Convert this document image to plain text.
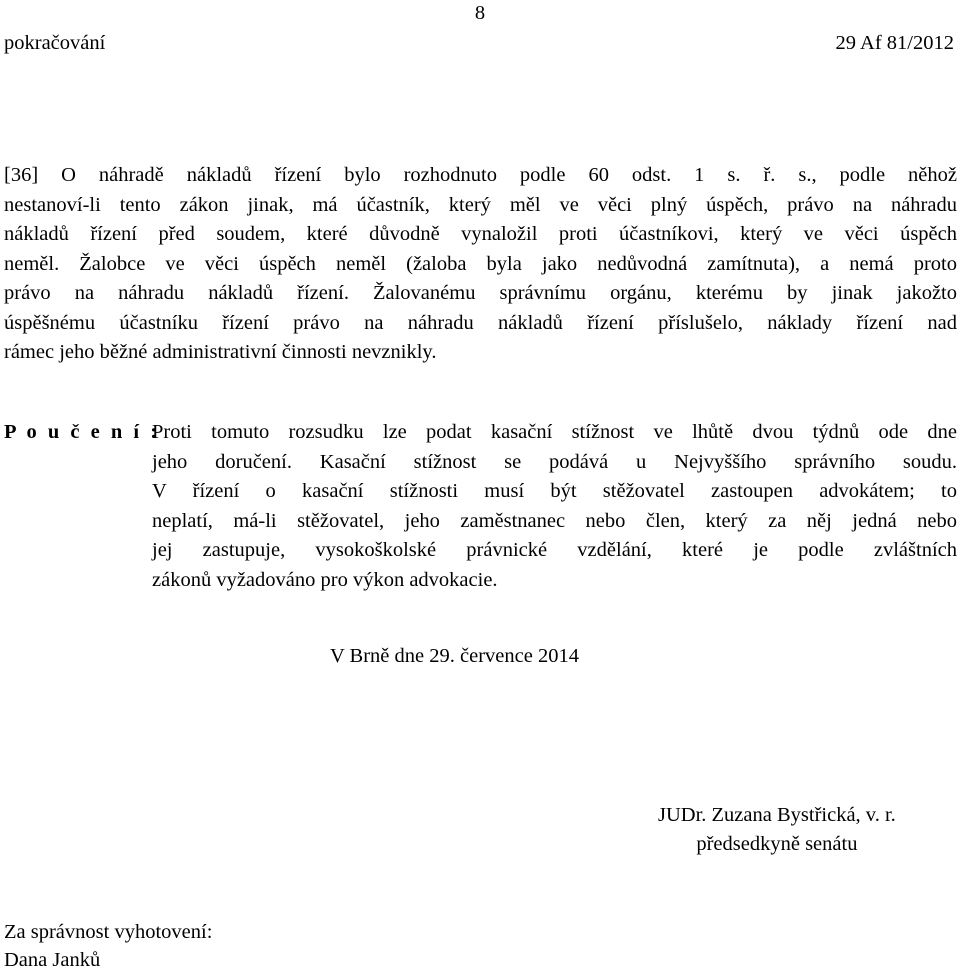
8
pokračování	29 Af 81/2012
[36] O náhradě nákladů řízení bylo rozhodnuto podle 60 odst. 1 s. ř. s., podle něhož
nestanoví-li tento zákon jinak, má účastník, který měl ve věci plný úspěch, právo na náhradu
nákladů řízení před soudem, které důvodně vynaložil proti účastníkovi, který ve věci úspěch
neměl. Žalobce ve věci úspěch neměl (žaloba byla jako nedůvodná zamítnuta), a nemá proto
právo na náhradu nákladů řízení. Žalovanému správnímu orgánu, kterému by jinak jakožto
úspěšnému účastníku řízení právo na náhradu nákladů řízení příslušelo, náklady řízení nad
rámec jeho běžné administrativní činnosti nevznikly.
P o u č e n í :
Proti tomuto rozsudku lze podat kasační stížnost ve lhůtě dvou týdnů ode dne
jeho doručení. Kasační stížnost se podává u Nejvyššího správního soudu.
V řízení o kasační stížnosti musí být stěžovatel zastoupen advokátem; to
neplatí, má-li stěžovatel, jeho zaměstnanec nebo člen, který za něj jedná nebo
jej zastupuje, vysokoškolské právnické vzdělání, které je podle zvláštních
zákonů vyžadováno pro výkon advokacie.
V Brně dne 29. července 2014
JUDr. Zuzana Bystřická, v. r.
předsedkyně senátu
Za správnost vyhotovení:
Dana Janků
